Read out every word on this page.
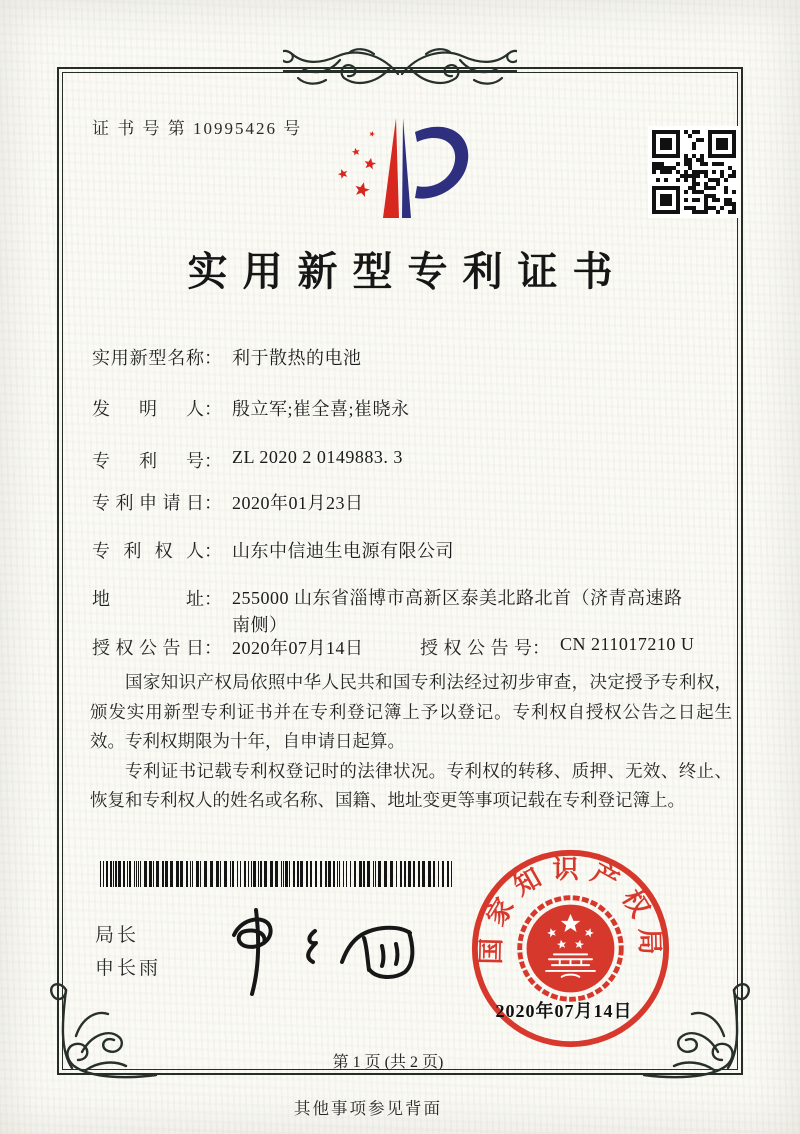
证 书 号 第 10995426 号
实用新型专利证书
实用新型名称 ： 利于散热的电池
发明人 ： 殷立军;崔全喜;崔晓永
专利号 ： ZL 2020 2 0149883. 3
专利申请日 ： 2020年01月23日
专利权人 ： 山东中信迪生电源有限公司
地址 ： 255000 山东省淄博市高新区泰美北路北首（济青高速路南侧）
授权公告日 ： 2020年07月14日	授权公告号 ： CN 211017210 U

国家知识产权局依照中华人民共和国专利法经过初步审查，决定授予专利权，颁发实用新型专利证书并在专利登记簿上予以登记。专利权自授权公告之日起生效。专利权期限为十年，自申请日起算。

专利证书记载专利权登记时的法律状况。专利权的转移、质押、无效、终止、恢复和专利权人的姓名或名称、国籍、地址变更等事项记载在专利登记簿上。

局长
申长雨
国家知识产权局
2020年07月14日
第 1 页 (共 2 页)
其他事项参见背面
